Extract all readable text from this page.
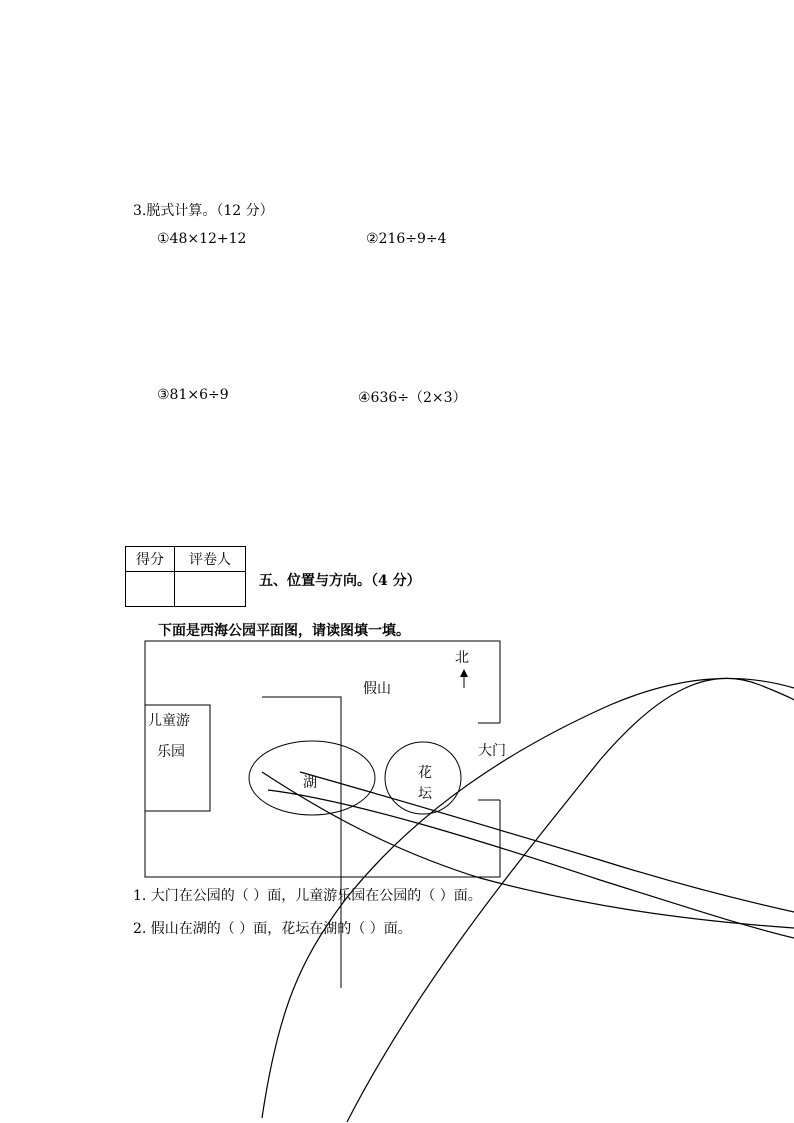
3.脱式计算。（12 分）
①48×12+12	②216÷9÷4
③81×6÷9	④636÷（2×3）
得分	评卷人

五、位置与方向。（4 分）
下面是西海公园平面图，请读图填一填。
北
假山
儿童游
乐园	大门
湖
花
坛
1. 大门在公园的（ ）面，儿童游乐园在公园的（ ）面。
2. 假山在湖的（ ）面，花坛在湖的（ ）面。
